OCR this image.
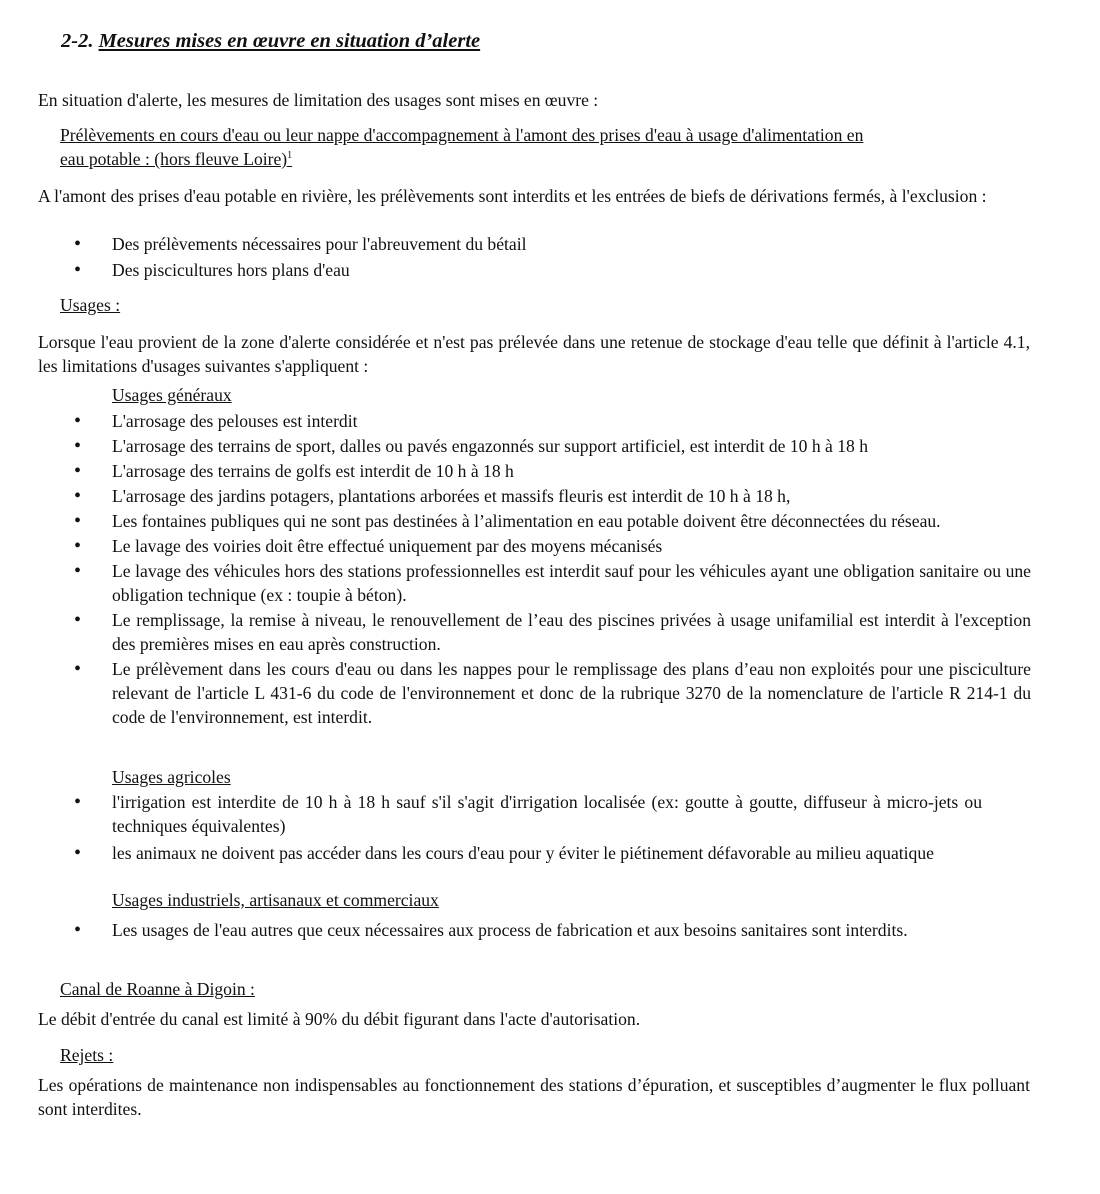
2-2. Mesures mises en œuvre en situation d’alerte

En situation d'alerte, les mesures de limitation des usages sont mises en œuvre :

Prélèvements en cours d'eau ou leur nappe d'accompagnement à l'amont des prises d'eau à usage d'alimentation en
eau potable : (hors fleuve Loire)$^1$

A l'amont des prises d'eau potable en rivière, les prélèvements sont interdits et les entrées de biefs de dérivations fermés, à l'exclusion :

• Des prélèvements nécessaires pour l'abreuvement du bétail
• Des piscicultures hors plans d'eau

Usages :

Lorsque l'eau provient de la zone d'alerte considérée et n'est pas prélevée dans une retenue de stockage d'eau telle que définit à l'article 4.1, les limitations d'usages suivantes s'appliquent :

Usages généraux

• L'arrosage des pelouses est interdit
• L'arrosage des terrains de sport, dalles ou pavés engazonnés sur support artificiel, est interdit de 10 h à 18 h
• L'arrosage des terrains de golfs est interdit de 10 h à 18 h
• L'arrosage des jardins potagers, plantations arborées et massifs fleuris est interdit de 10 h à 18 h,
• Les fontaines publiques qui ne sont pas destinées à l’alimentation en eau potable doivent être déconnectées du réseau.
• Le lavage des voiries doit être effectué uniquement par des moyens mécanisés
• Le lavage des véhicules hors des stations professionnelles est interdit sauf pour les véhicules ayant une obligation sanitaire ou une obligation technique (ex : toupie à béton).
• Le remplissage, la remise à niveau, le renouvellement de l’eau des piscines privées à usage unifamilial est interdit à l'exception des premières mises en eau après construction.
• Le prélèvement dans les cours d'eau ou dans les nappes pour le remplissage des plans d’eau non exploités pour une pisciculture relevant de l'article L 431-6 du code de l'environnement et donc de la rubrique 3270 de la nomenclature de l'article R 214-1 du code de l'environnement, est interdit.

Usages agricoles

• l'irrigation est interdite de 10 h à 18 h sauf s'il s'agit d'irrigation localisée (ex: goutte à goutte, diffuseur à micro-jets ou techniques équivalentes)
• les animaux ne doivent pas accéder dans les cours d'eau pour y éviter le piétinement défavorable au milieu aquatique

Usages industriels, artisanaux et commerciaux

• Les usages de l'eau autres que ceux nécessaires aux process de fabrication et aux besoins sanitaires sont interdits.

Canal de Roanne à Digoin :

Le débit d'entrée du canal est limité à 90% du débit figurant dans l'acte d'autorisation.

Rejets :

Les opérations de maintenance non indispensables au fonctionnement des stations d’épuration, et susceptibles d’augmenter le flux polluant sont interdites.
